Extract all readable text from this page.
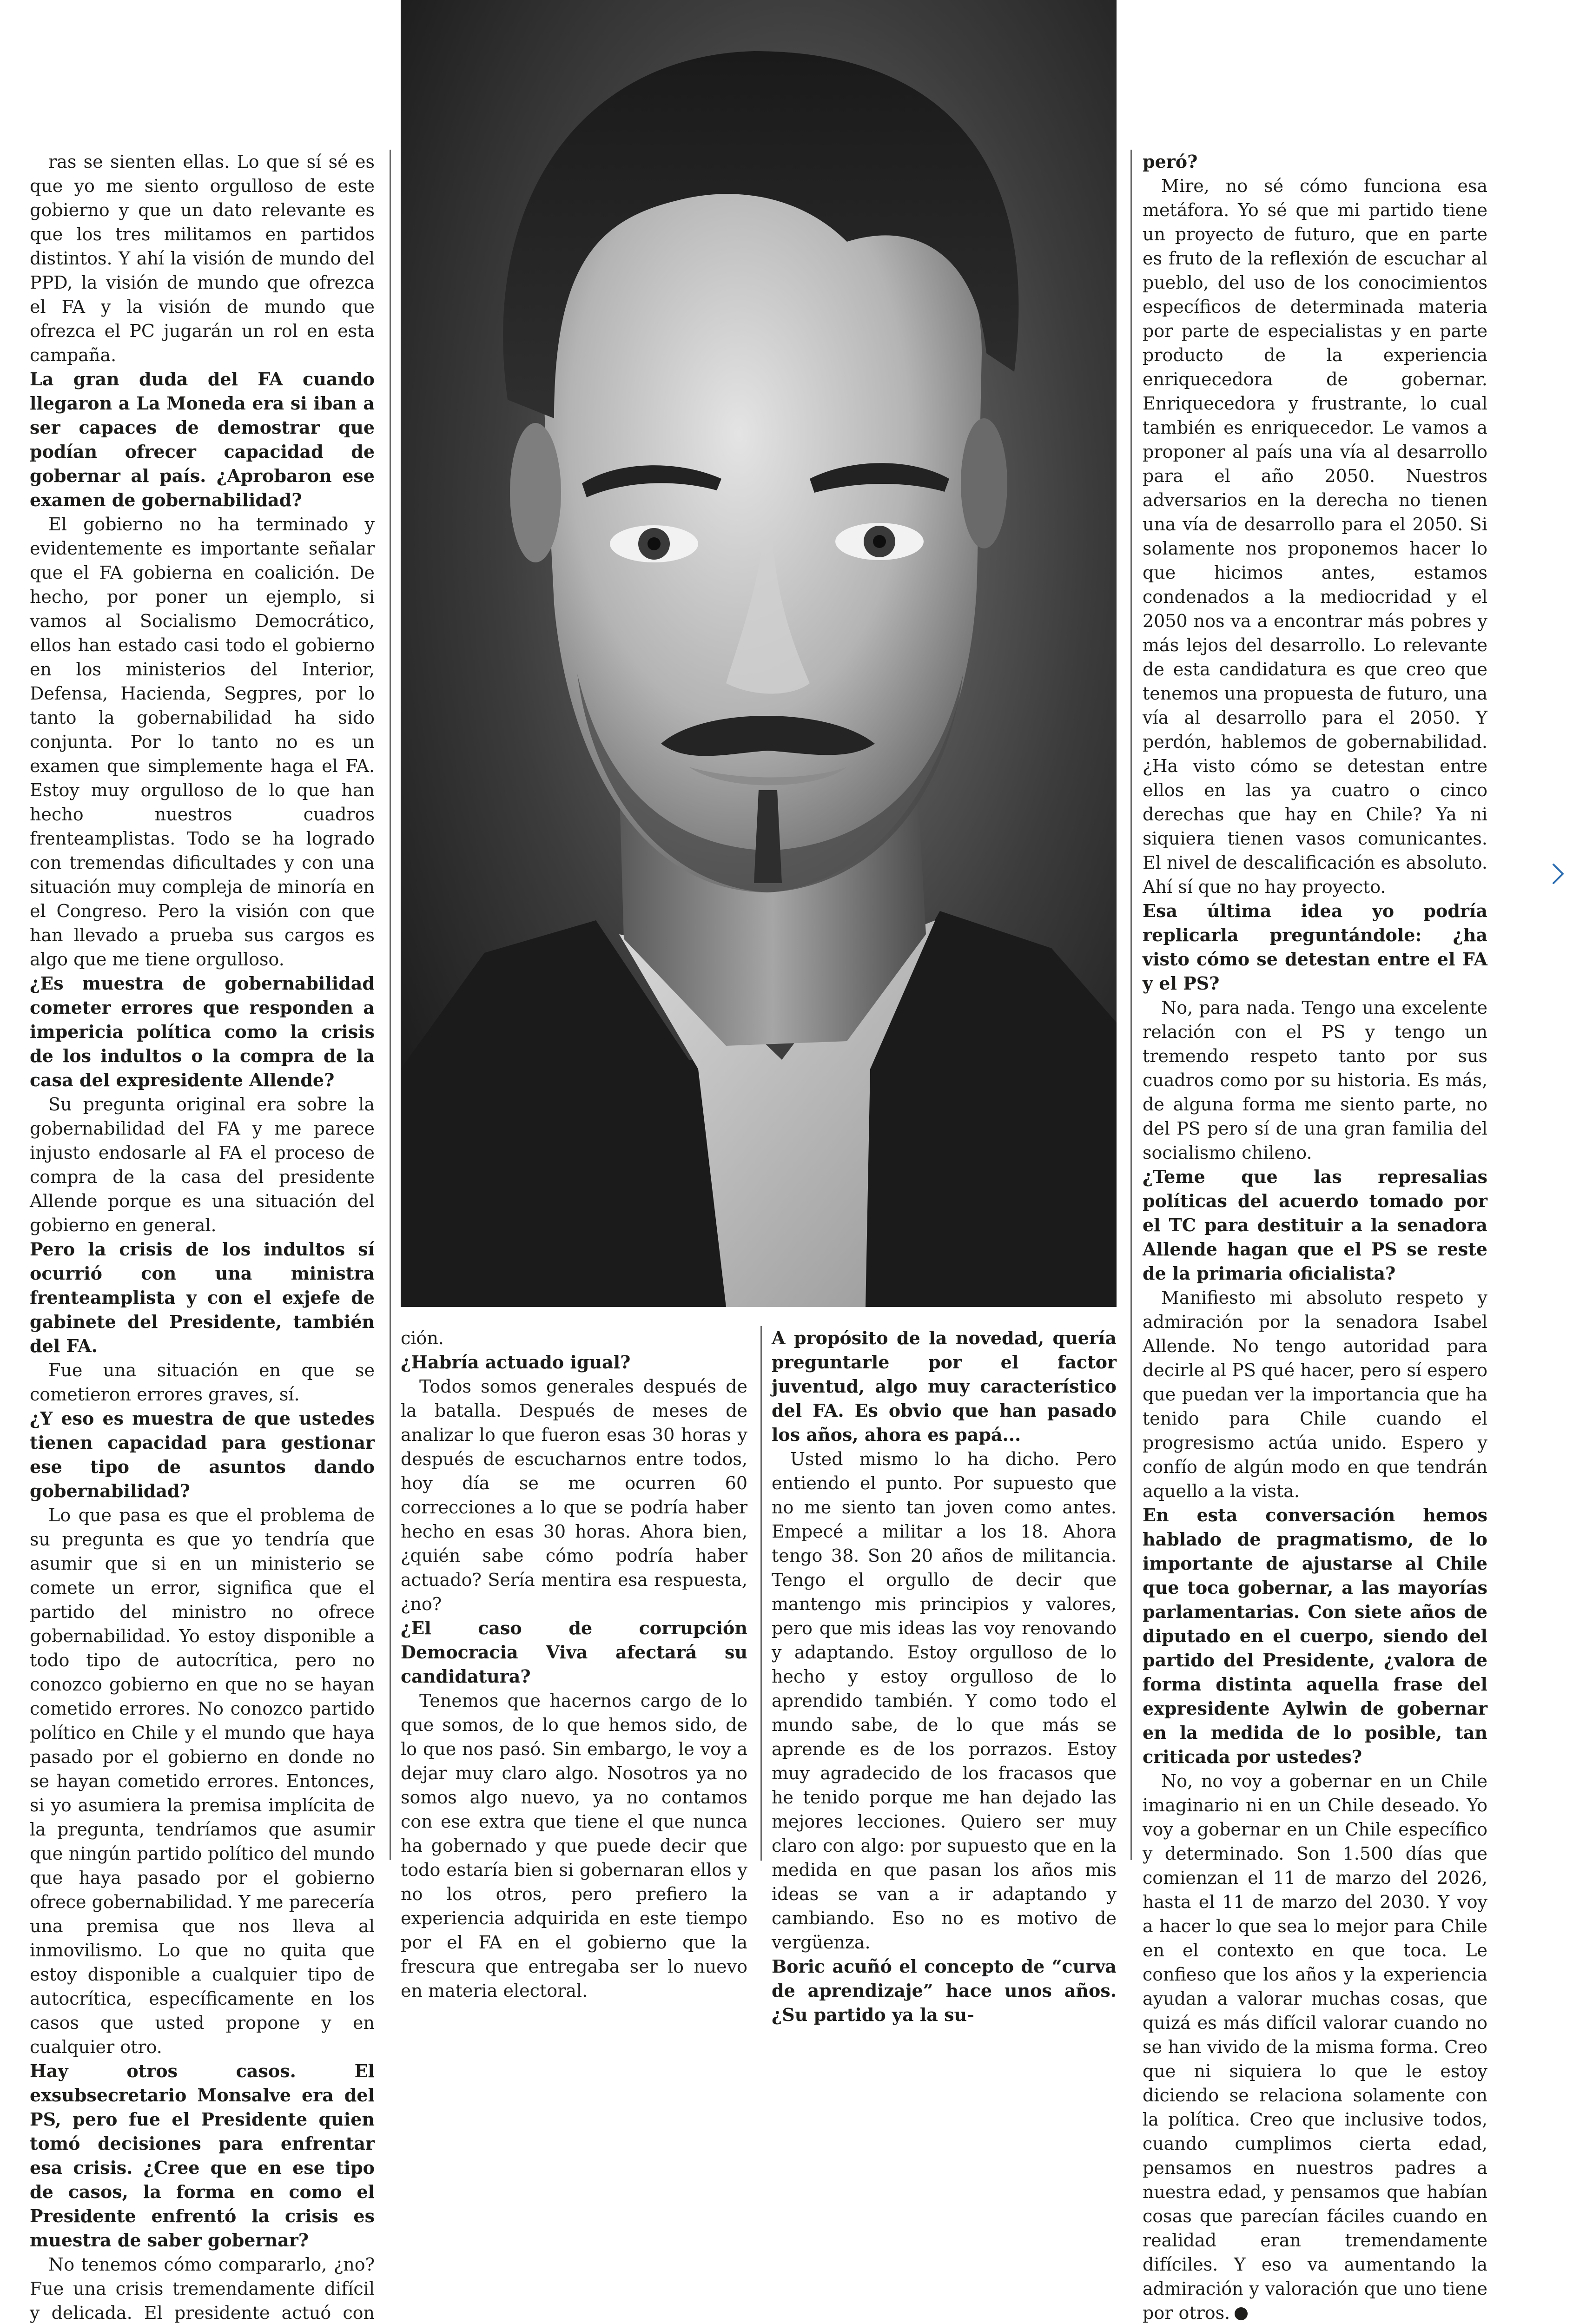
ras se sienten ellas. Lo que sí sé es que yo me siento orgulloso de este gobierno y que un dato relevante es que los tres militamos en partidos distintos. Y ahí la visión de mundo del PPD, la visión de mundo que ofrezca el FA y la visión de mundo que ofrezca el PC jugarán un rol en esta campaña.

La gran duda del FA cuando llegaron a La Moneda era si iban a ser capaces de demostrar que podían ofrecer capacidad de gobernar al país. ¿Aprobaron ese examen de gobernabilidad?

El gobierno no ha terminado y evidentemente es importante señalar que el FA gobierna en coalición. De hecho, por poner un ejemplo, si vamos al Socialismo Democrático, ellos han estado casi todo el gobierno en los ministerios del Interior, Defensa, Hacienda, Segpres, por lo tanto la gobernabilidad ha sido conjunta. Por lo tanto no es un examen que simplemente haga el FA. Estoy muy orgulloso de lo que han hecho nuestros cuadros frenteamplistas. Todo se ha logrado con tremendas dificultades y con una situación muy compleja de minoría en el Congreso. Pero la visión con que han llevado a prueba sus cargos es algo que me tiene orgulloso.

¿Es muestra de gobernabilidad cometer errores que responden a impericia política como la crisis de los indultos o la compra de la casa del expresidente Allende?

Su pregunta original era sobre la gobernabilidad del FA y me parece injusto endosarle al FA el proceso de compra de la casa del presidente Allende porque es una situación del gobierno en general.

Pero la crisis de los indultos sí ocurrió con una ministra frenteamplista y con el exjefe de gabinete del Presidente, también del FA.

Fue una situación en que se cometieron errores graves, sí.

¿Y eso es muestra de que ustedes tienen capacidad para gestionar ese tipo de asuntos dando gobernabilidad?

Lo que pasa es que el problema de su pregunta es que yo tendría que asumir que si en un ministerio se comete un error, significa que el partido del ministro no ofrece gobernabilidad. Yo estoy disponible a todo tipo de autocrítica, pero no conozco gobierno en que no se hayan cometido errores. No conozco partido político en Chile y el mundo que haya pasado por el gobierno en donde no se hayan cometido errores. Entonces, si yo asumiera la premisa implícita de la pregunta, tendríamos que asumir que ningún partido político del mundo que haya pasado por el gobierno ofrece gobernabilidad. Y me parecería una premisa que nos lleva al inmovilismo. Lo que no quita que estoy disponible a cualquier tipo de autocrítica, específicamente en los casos que usted propone y en cualquier otro.

Hay otros casos. El exsubsecretario Monsalve era del PS, pero fue el Presidente quien tomó decisiones para enfrentar esa crisis. ¿Cree que en ese tipo de casos, la forma en como el Presidente enfrentó la crisis es muestra de saber gobernar?

No tenemos cómo compararlo, ¿no? Fue una crisis tremendamente difícil y delicada. El presidente actuó con

ción.

¿Habría actuado igual?

Todos somos generales después de la batalla. Después de meses de analizar lo que fueron esas 30 horas y después de escucharnos entre todos, hoy día se me ocurren 60 correcciones a lo que se podría haber hecho en esas 30 horas. Ahora bien, ¿quién sabe cómo podría haber actuado? Sería mentira esa respuesta, ¿no?

¿El caso de corrupción Democracia Viva afectará su candidatura?

Tenemos que hacernos cargo de lo que somos, de lo que hemos sido, de lo que nos pasó. Sin embargo, le voy a dejar muy claro algo. Nosotros ya no somos algo nuevo, ya no contamos con ese extra que tiene el que nunca ha gobernado y que puede decir que todo estaría bien si gobernaran ellos y no los otros, pero prefiero la experiencia adquirida en este tiempo por el FA en el gobierno que la frescura que entregaba ser lo nuevo en materia electoral.

A propósito de la novedad, quería preguntarle por el factor juventud, algo muy característico del FA. Es obvio que han pasado los años, ahora es papá...

Usted mismo lo ha dicho. Pero entiendo el punto. Por supuesto que no me siento tan joven como antes. Empecé a militar a los 18. Ahora tengo 38. Son 20 años de militancia. Tengo el orgullo de decir que mantengo mis principios y valores, pero que mis ideas las voy renovando y adaptando. Estoy orgulloso de lo hecho y estoy orgulloso de lo aprendido también. Y como todo el mundo sabe, de lo que más se aprende es de los porrazos. Estoy muy agradecido de los fracasos que he tenido porque me han dejado las mejores lecciones. Quiero ser muy claro con algo: por supuesto que en la medida en que pasan los años mis ideas se van a ir adaptando y cambiando. Eso no es motivo de vergüenza.

Boric acuñó el concepto de “curva de aprendizaje” hace unos años. ¿Su partido ya la su-

peró?

Mire, no sé cómo funciona esa metáfora. Yo sé que mi partido tiene un proyecto de futuro, que en parte es fruto de la reflexión de escuchar al pueblo, del uso de los conocimientos específicos de determinada materia por parte de especialistas y en parte producto de la experiencia enriquecedora de gobernar. Enriquecedora y frustrante, lo cual también es enriquecedor. Le vamos a proponer al país una vía al desarrollo para el año 2050. Nuestros adversarios en la derecha no tienen una vía de desarrollo para el 2050. Si solamente nos proponemos hacer lo que hicimos antes, estamos condenados a la mediocridad y el 2050 nos va a encontrar más pobres y más lejos del desarrollo. Lo relevante de esta candidatura es que creo que tenemos una propuesta de futuro, una vía al desarrollo para el 2050. Y perdón, hablemos de gobernabilidad. ¿Ha visto cómo se detestan entre ellos en las ya cuatro o cinco derechas que hay en Chile? Ya ni siquiera tienen vasos comunicantes. El nivel de descalificación es absoluto. Ahí sí que no hay proyecto.

Esa última idea yo podría replicarla preguntándole: ¿ha visto cómo se detestan entre el FA y el PS?

No, para nada. Tengo una excelente relación con el PS y tengo un tremendo respeto tanto por sus cuadros como por su historia. Es más, de alguna forma me siento parte, no del PS pero sí de una gran familia del socialismo chileno.

¿Teme que las represalias políticas del acuerdo tomado por el TC para destituir a la senadora Allende hagan que el PS se reste de la primaria oficialista?

Manifiesto mi absoluto respeto y admiración por la senadora Isabel Allende. No tengo autoridad para decirle al PS qué hacer, pero sí espero que puedan ver la importancia que ha tenido para Chile cuando el progresismo actúa unido. Espero y confío de algún modo en que tendrán aquello a la vista.

En esta conversación hemos hablado de pragmatismo, de lo importante de ajustarse al Chile que toca gobernar, a las mayorías parlamentarias. Con siete años de diputado en el cuerpo, siendo del partido del Presidente, ¿valora de forma distinta aquella frase del expresidente Aylwin de gobernar en la medida de lo posible, tan criticada por ustedes?

No, no voy a gobernar en un Chile imaginario ni en un Chile deseado. Yo voy a gobernar en un Chile específico y determinado. Son 1.500 días que comienzan el 11 de marzo del 2026, hasta el 11 de marzo del 2030. Y voy a hacer lo que sea lo mejor para Chile en el contexto en que toca. Le confieso que los años y la experiencia ayudan a valorar muchas cosas, que quizá es más difícil valorar cuando no se han vivido de la misma forma. Creo que ni siquiera lo que le estoy diciendo se relaciona solamente con la política. Creo que inclusive todos, cuando cumplimos cierta edad, pensamos en nuestros padres a nuestra edad, y pensamos que habían cosas que parecían fáciles cuando en realidad eran tremendamente difíciles. Y eso va aumentando la admiración y valoración que uno tiene por otros.
